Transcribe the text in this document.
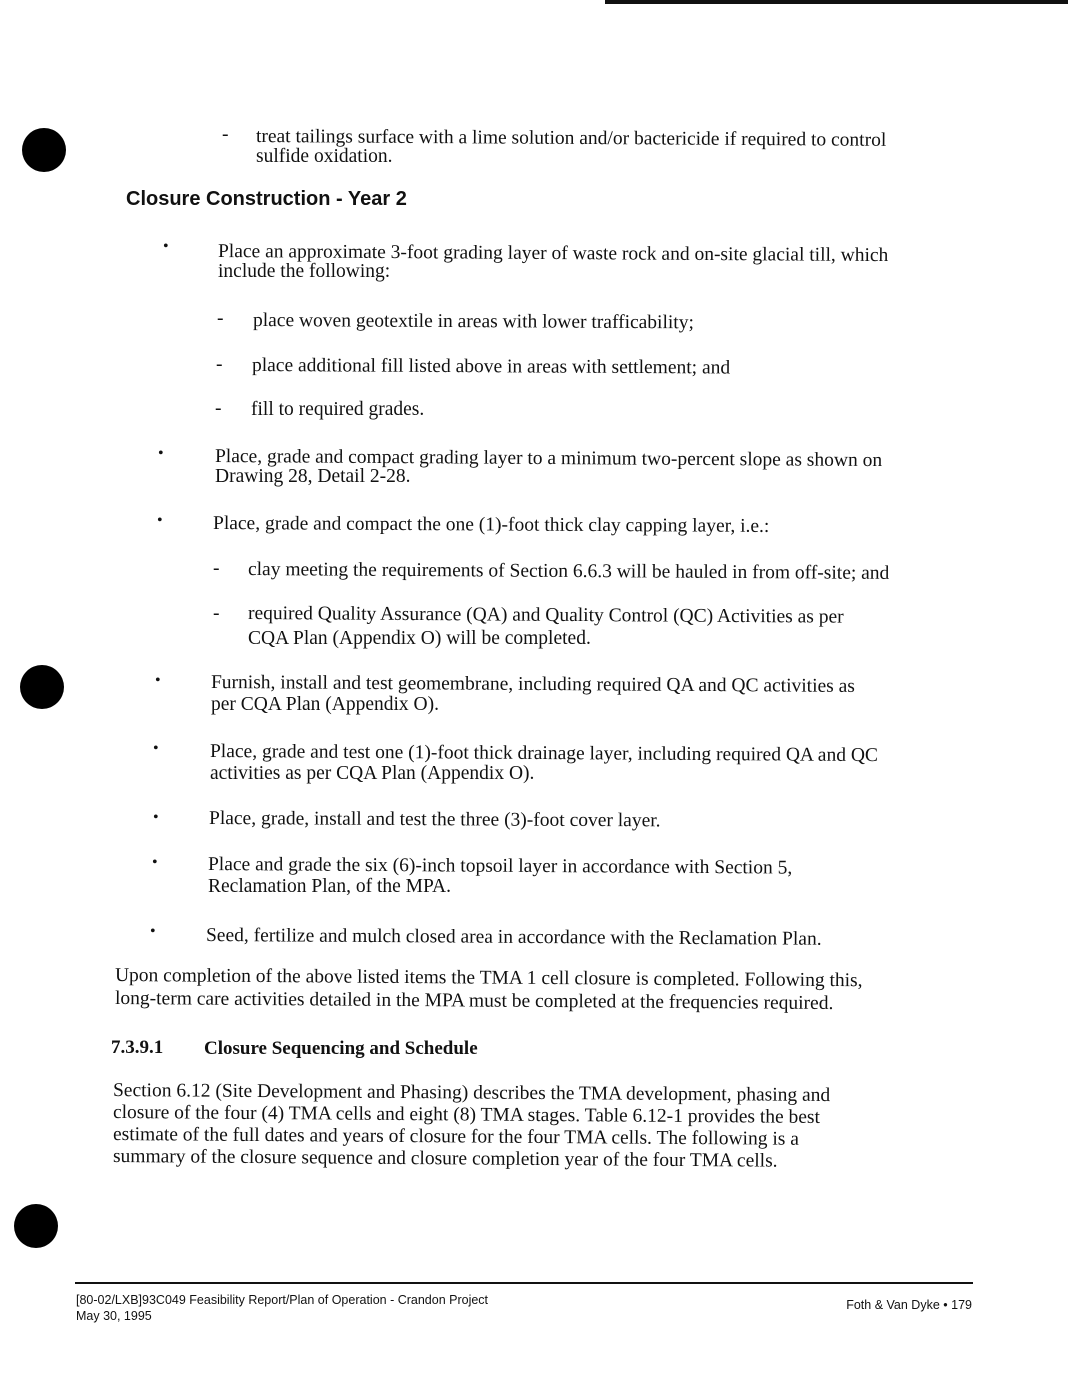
- treat tailings surface with a lime solution and/or bactericide if required to control
sulfide oxidation.
Closure Construction - Year 2
•	Place an approximate 3-foot grading layer of waste rock and on-site glacial till, which
include the following:
- place woven geotextile in areas with lower trafficability;
- place additional fill listed above in areas with settlement; and
- fill to required grades.
•	Place, grade and compact grading layer to a minimum two-percent slope as shown on
Drawing 28, Detail 2-28.
•	Place, grade and compact the one (1)-foot thick clay capping layer, i.e.:
- clay meeting the requirements of Section 6.6.3 will be hauled in from off-site; and
- required Quality Assurance (QA) and Quality Control (QC) Activities as per
CQA Plan (Appendix O) will be completed.
•	Furnish, install and test geomembrane, including required QA and QC activities as
per CQA Plan (Appendix O).
•	Place, grade and test one (1)-foot thick drainage layer, including required QA and QC
activities as per CQA Plan (Appendix O).
•	Place, grade, install and test the three (3)-foot cover layer.
•	Place and grade the six (6)-inch topsoil layer in accordance with Section 5,
Reclamation Plan, of the MPA.
•	Seed, fertilize and mulch closed area in accordance with the Reclamation Plan.
Upon completion of the above listed items the TMA 1 cell closure is completed. Following this,
long-term care activities detailed in the MPA must be completed at the frequencies required.
7.3.9.1 Closure Sequencing and Schedule
Section 6.12 (Site Development and Phasing) describes the TMA development, phasing and
closure of the four (4) TMA cells and eight (8) TMA stages. Table 6.12-1 provides the best
estimate of the full dates and years of closure for the four TMA cells. The following is a
summary of the closure sequence and closure completion year of the four TMA cells.
[80-02/LXB]93C049 Feasibility Report/Plan of Operation - Crandon Project
May 30, 1995
Foth & Van Dyke • 179
